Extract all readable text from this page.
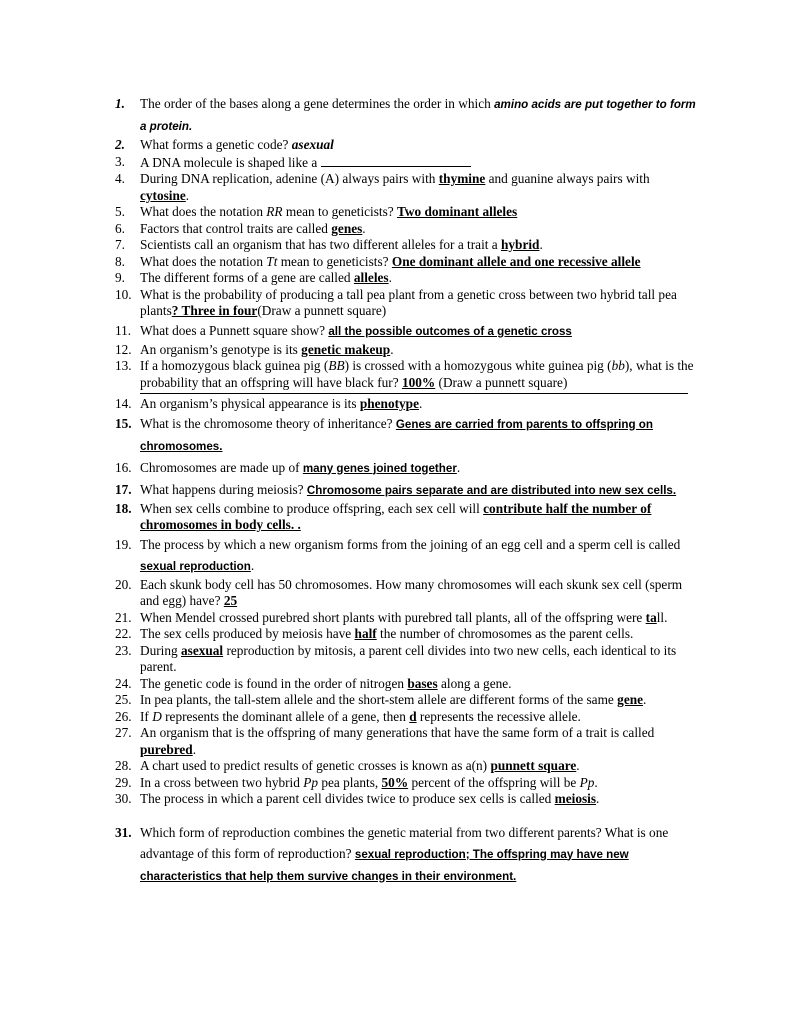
1. The order of the bases along a gene determines the order in which amino acids are put together to form a protein.
2. What forms a genetic code? asexual
3. A DNA molecule is shaped like a
4. During DNA replication, adenine (A) always pairs with thymine and guanine always pairs with cytosine.
5. What does the notation RR mean to geneticists? Two dominant alleles
6. Factors that control traits are called genes.
7. Scientists call an organism that has two different alleles for a trait a hybrid.
8. What does the notation Tt mean to geneticists? One dominant allele and one recessive allele
9. The different forms of a gene are called alleles.
10. What is the probability of producing a tall pea plant from a genetic cross between two hybrid tall pea plants? Three in four(Draw a punnett square)
11. What does a Punnett square show? all the possible outcomes of a genetic cross
12. An organism’s genotype is its genetic makeup.
13. If a homozygous black guinea pig (BB) is crossed with a homozygous white guinea pig (bb), what is the probability that an offspring will have black fur? 100% (Draw a punnett square)
14. An organism’s physical appearance is its phenotype.
15. What is the chromosome theory of inheritance? Genes are carried from parents to offspring on chromosomes.
16. Chromosomes are made up of many genes joined together.
17. What happens during meiosis? Chromosome pairs separate and are distributed into new sex cells.
18. When sex cells combine to produce offspring, each sex cell will contribute half the number of chromosomes in body cells. .
19. The process by which a new organism forms from the joining of an egg cell and a sperm cell is called sexual reproduction.
20. Each skunk body cell has 50 chromosomes. How many chromosomes will each skunk sex cell (sperm and egg) have? 25
21. When Mendel crossed purebred short plants with purebred tall plants, all of the offspring were tall.
22. The sex cells produced by meiosis have half the number of chromosomes as the parent cells.
23. During asexual reproduction by mitosis, a parent cell divides into two new cells, each identical to its parent.
24. The genetic code is found in the order of nitrogen bases along a gene.
25. In pea plants, the tall-stem allele and the short-stem allele are different forms of the same gene.
26. If D represents the dominant allele of a gene, then d represents the recessive allele.
27. An organism that is the offspring of many generations that have the same form of a trait is called purebred.
28. A chart used to predict results of genetic crosses is known as a(n) punnett square.
29. In a cross between two hybrid Pp pea plants, 50% percent of the offspring will be Pp.
30. The process in which a parent cell divides twice to produce sex cells is called meiosis.
31. Which form of reproduction combines the genetic material from two different parents? What is one advantage of this form of reproduction? sexual reproduction; The offspring may have new characteristics that help them survive changes in their environment.
